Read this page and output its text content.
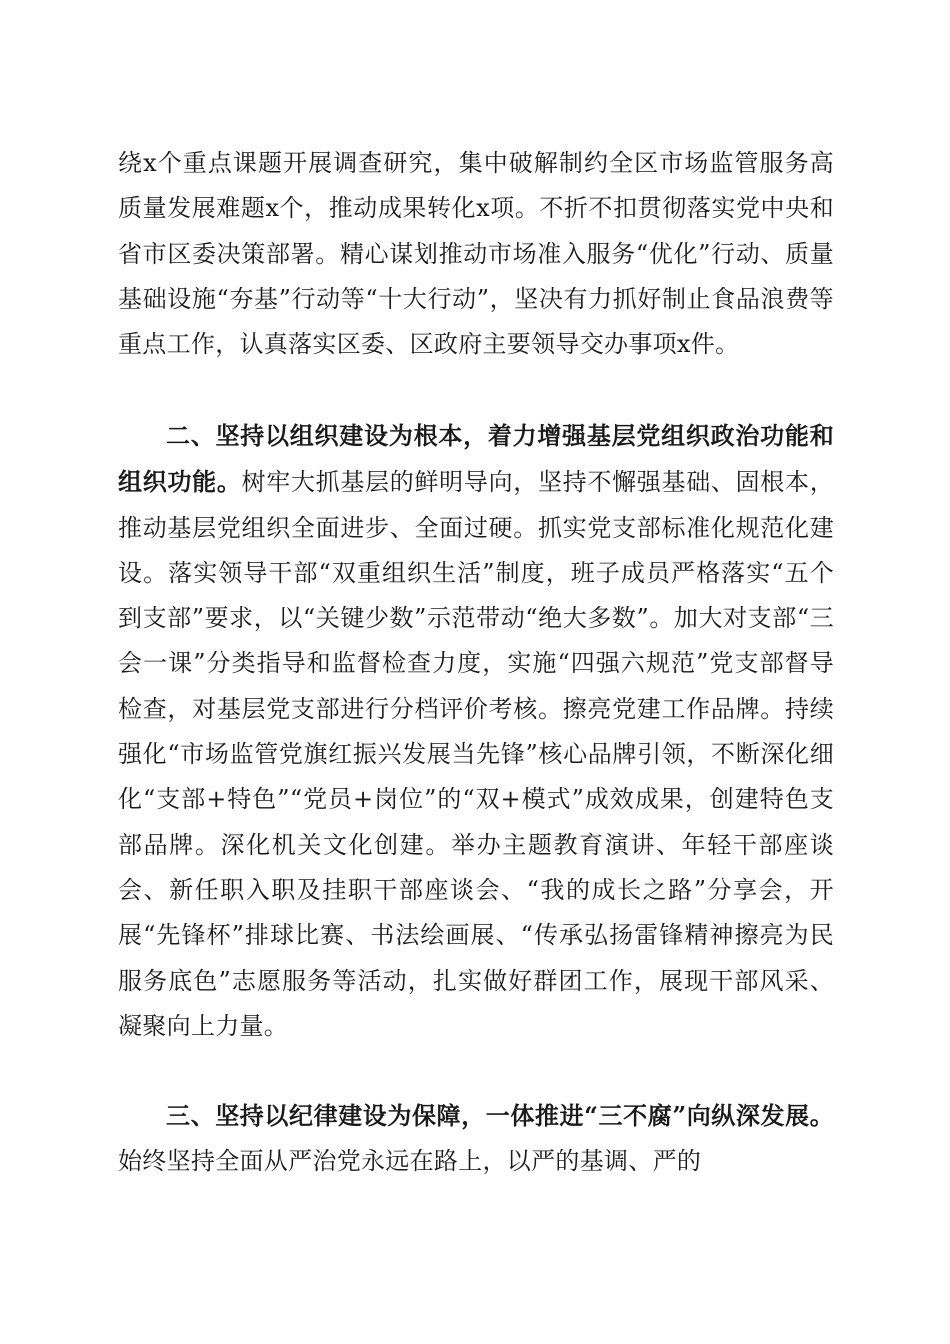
绕x个重点课题开展调查研究，集中破解制约全区市场监管服务高质量发展难题x个，推动成果转化x项。不折不扣贯彻落实党中央和省市区委决策部署。精心谋划推动市场准入服务“优化”行动、质量基础设施“夯基”行动等“十大行动”，坚决有力抓好制止食品浪费等重点工作，认真落实区委、区政府主要领导交办事项x件。

二、坚持以组织建设为根本，着力增强基层党组织政治功能和组织功能。树牢大抓基层的鲜明导向，坚持不懈强基础、固根本，推动基层党组织全面进步、全面过硬。抓实党支部标准化规范化建设。落实领导干部“双重组织生活”制度，班子成员严格落实“五个到支部”要求，以“关键少数”示范带动“绝大多数”。加大对支部“三会一课”分类指导和监督检查力度，实施“四强六规范”党支部督导检查，对基层党支部进行分档评价考核。擦亮党建工作品牌。持续强化“市场监管党旗红振兴发展当先锋”核心品牌引领，不断深化细化“支部+特色”“党员+岗位”的“双+模式”成效成果，创建特色支部品牌。深化机关文化创建。举办主题教育演讲、年轻干部座谈会、新任职入职及挂职干部座谈会、“我的成长之路”分享会，开展“先锋杯”排球比赛、书法绘画展、“传承弘扬雷锋精神擦亮为民服务底色”志愿服务等活动，扎实做好群团工作，展现干部风采、凝聚向上力量。

三、坚持以纪律建设为保障，一体推进“三不腐”向纵深发展。始终坚持全面从严治党永远在路上，以严的基调、严的
